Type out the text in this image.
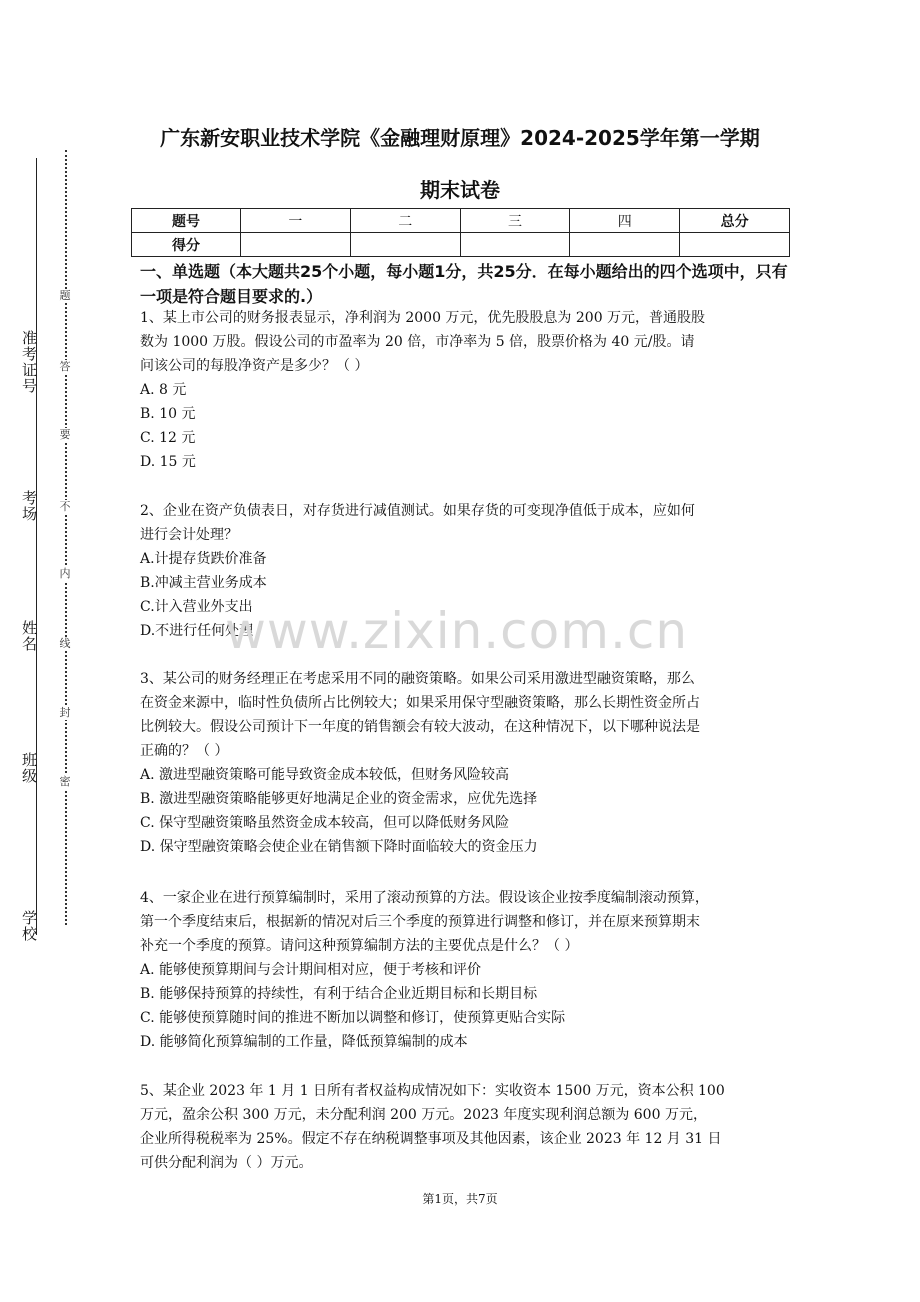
准考证号
考场
姓名
班级
学校
题
答
要
不
内
线
封
密
广东新安职业技术学院《金融理财原理》2024-2025学年第一学期
期末试卷
题号	一	二	三	四	总分
得分					
一、单选题（本大题共25个小题，每小题1分，共25分．在每小题给出的四个选项中，只有一项是符合题目要求的.）

1、某上市公司的财务报表显示，净利润为 2000 万元，优先股股息为 200 万元，普通股股

数为 1000 万股。假设公司的市盈率为 20 倍，市净率为 5 倍，股票价格为 40 元/股。请

问该公司的每股净资产是多少？（ ）

A. 8 元
B. 10 元
C. 12 元
D. 15 元

2、企业在资产负债表日，对存货进行减值测试。如果存货的可变现净值低于成本，应如何

进行会计处理？

A.计提存货跌价准备
B.冲减主营业务成本
C.计入营业外支出
D.不进行任何处理
www.zixin.com.cn

3、某公司的财务经理正在考虑采用不同的融资策略。如果公司采用激进型融资策略，那么

在资金来源中，临时性负债所占比例较大；如果采用保守型融资策略，那么长期性资金所占

比例较大。假设公司预计下一年度的销售额会有较大波动，在这种情况下，以下哪种说法是

正确的？（ ）

A. 激进型融资策略可能导致资金成本较低，但财务风险较高
B. 激进型融资策略能够更好地满足企业的资金需求，应优先选择
C. 保守型融资策略虽然资金成本较高，但可以降低财务风险
D. 保守型融资策略会使企业在销售额下降时面临较大的资金压力

4、一家企业在进行预算编制时，采用了滚动预算的方法。假设该企业按季度编制滚动预算，

第一个季度结束后，根据新的情况对后三个季度的预算进行调整和修订，并在原来预算期末

补充一个季度的预算。请问这种预算编制方法的主要优点是什么？（ ）

A. 能够使预算期间与会计期间相对应，便于考核和评价
B. 能够保持预算的持续性，有利于结合企业近期目标和长期目标
C. 能够使预算随时间的推进不断加以调整和修订，使预算更贴合实际
D. 能够简化预算编制的工作量，降低预算编制的成本

5、某企业 2023 年 1 月 1 日所有者权益构成情况如下：实收资本 1500 万元，资本公积 100

万元，盈余公积 300 万元，未分配利润 200 万元。2023 年度实现利润总额为 600 万元，

企业所得税税率为 25%。假定不存在纳税调整事项及其他因素，该企业 2023 年 12 月 31 日

可供分配利润为（ ）万元。

第1页，共7页
